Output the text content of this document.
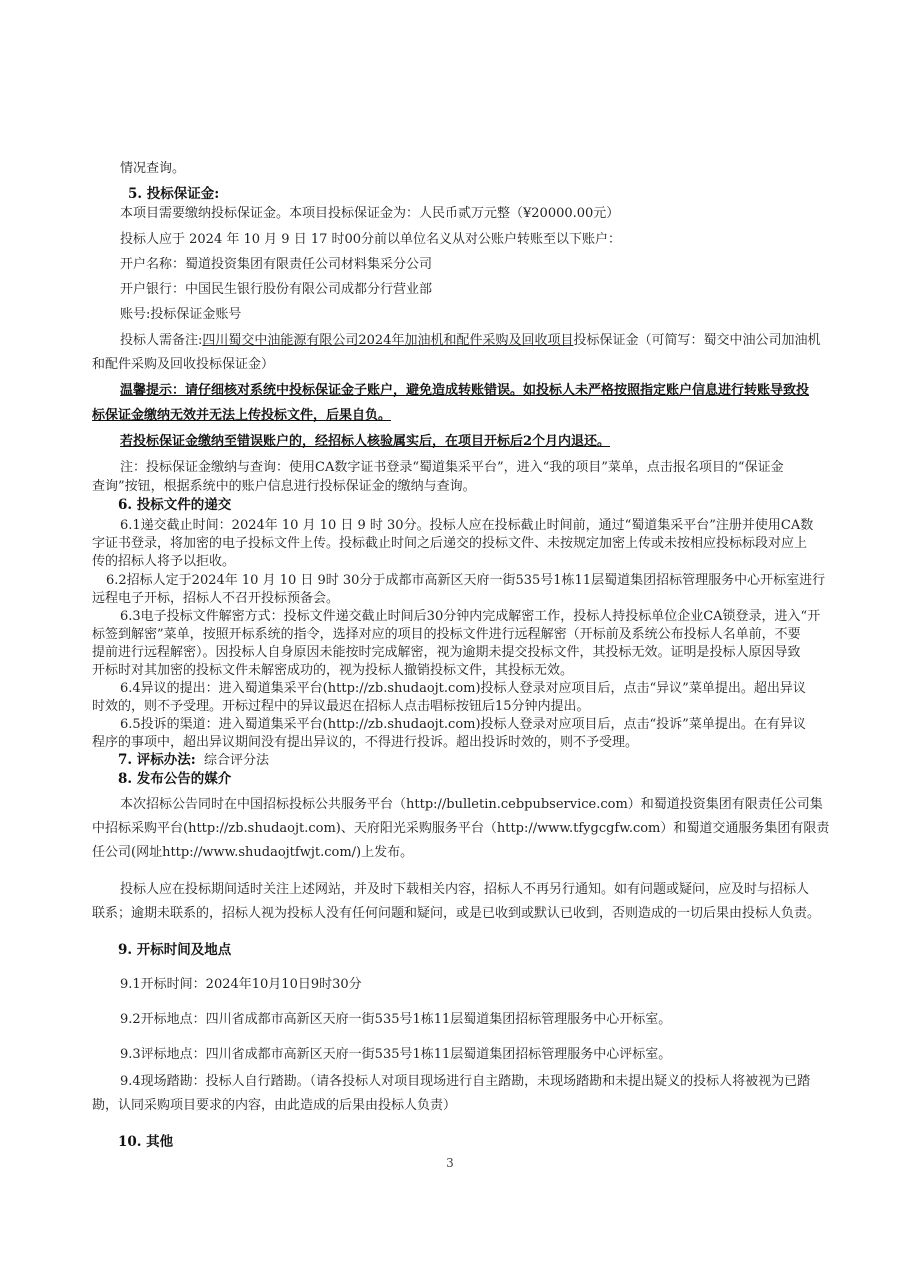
情况查询。
5. 投标保证金:
本项目需要缴纳投标保证金。本项目投标保证金为：人民币贰万元整（¥20000.00元）
投标人应于 2024 年 10 月 9 日 17 时00分前以单位名义从对公账户转账至以下账户：
开户名称：蜀道投资集团有限责任公司材料集采分公司
开户银行：中国民生银行股份有限公司成都分行营业部
账号:投标保证金账号
投标人需备注:四川蜀交中油能源有限公司2024年加油机和配件采购及回收项目投标保证金（可简写：蜀交中油公司加油机
和配件采购及回收投标保证金）
温馨提示：请仔细核对系统中投标保证金子账户，避免造成转账错误。如投标人未严格按照指定账户信息进行转账导致投
标保证金缴纳无效并无法上传投标文件，后果自负。
若投标保证金缴纳至错误账户的，经招标人核验属实后，在项目开标后2个月内退还。
注：投标保证金缴纳与查询：使用CA数字证书登录“蜀道集采平台”，进入“我的项目”菜单，点击报名项目的“保证金
查询”按钮，根据系统中的账户信息进行投标保证金的缴纳与查询。
6. 投标文件的递交
6.1递交截止时间：2024年 10 月 10 日 9 时 30分。投标人应在投标截止时间前，通过“蜀道集采平台”注册并使用CA数
字证书登录，将加密的电子投标文件上传。投标截止时间之后递交的投标文件、未按规定加密上传或未按相应投标标段对应上
传的招标人将予以拒收。
6.2招标人定于2024年 10 月 10 日 9时 30分于成都市高新区天府一街535号1栋11层蜀道集团招标管理服务中心开标室进行
远程电子开标，招标人不召开投标预备会。
6.3电子投标文件解密方式：投标文件递交截止时间后30分钟内完成解密工作，投标人持投标单位企业CA锁登录，进入“开
标签到解密”菜单，按照开标系统的指令，选择对应的项目的投标文件进行远程解密（开标前及系统公布投标人名单前，不要
提前进行远程解密）。因投标人自身原因未能按时完成解密，视为逾期未提交投标文件，其投标无效。证明是投标人原因导致
开标时对其加密的投标文件未解密成功的，视为投标人撤销投标文件，其投标无效。
6.4异议的提出：进入蜀道集采平台(http://zb.shudaojt.com)投标人登录对应项目后，点击“异议”菜单提出。超出异议
时效的，则不予受理。开标过程中的异议最迟在招标人点击唱标按钮后15分钟内提出。
6.5投诉的渠道：进入蜀道集采平台(http://zb.shudaojt.com)投标人登录对应项目后，点击“投诉”菜单提出。在有异议
程序的事项中，超出异议期间没有提出异议的，不得进行投诉。超出投诉时效的，则不予受理。
7. 评标办法: 综合评分法
8. 发布公告的媒介
本次招标公告同时在中国招标投标公共服务平台（http://bulletin.cebpubservice.com）和蜀道投资集团有限责任公司集
中招标采购平台(http://zb.shudaojt.com)、天府阳光采购服务平台（http://www.tfygcgfw.com）和蜀道交通服务集团有限责
任公司(网址http://www.shudaojtfwjt.com/)上发布。
投标人应在投标期间适时关注上述网站，并及时下载相关内容，招标人不再另行通知。如有问题或疑问，应及时与招标人
联系；逾期未联系的，招标人视为投标人没有任何问题和疑问，或是已收到或默认已收到，否则造成的一切后果由投标人负责。
9. 开标时间及地点
9.1开标时间：2024年10月10日9时30分
9.2开标地点：四川省成都市高新区天府一街535号1栋11层蜀道集团招标管理服务中心开标室。
9.3评标地点：四川省成都市高新区天府一街535号1栋11层蜀道集团招标管理服务中心评标室。
9.4现场踏勘：投标人自行踏勘。（请各投标人对项目现场进行自主踏勘，未现场踏勘和未提出疑义的投标人将被视为已踏
勘，认同采购项目要求的内容，由此造成的后果由投标人负责）
10. 其他
3
